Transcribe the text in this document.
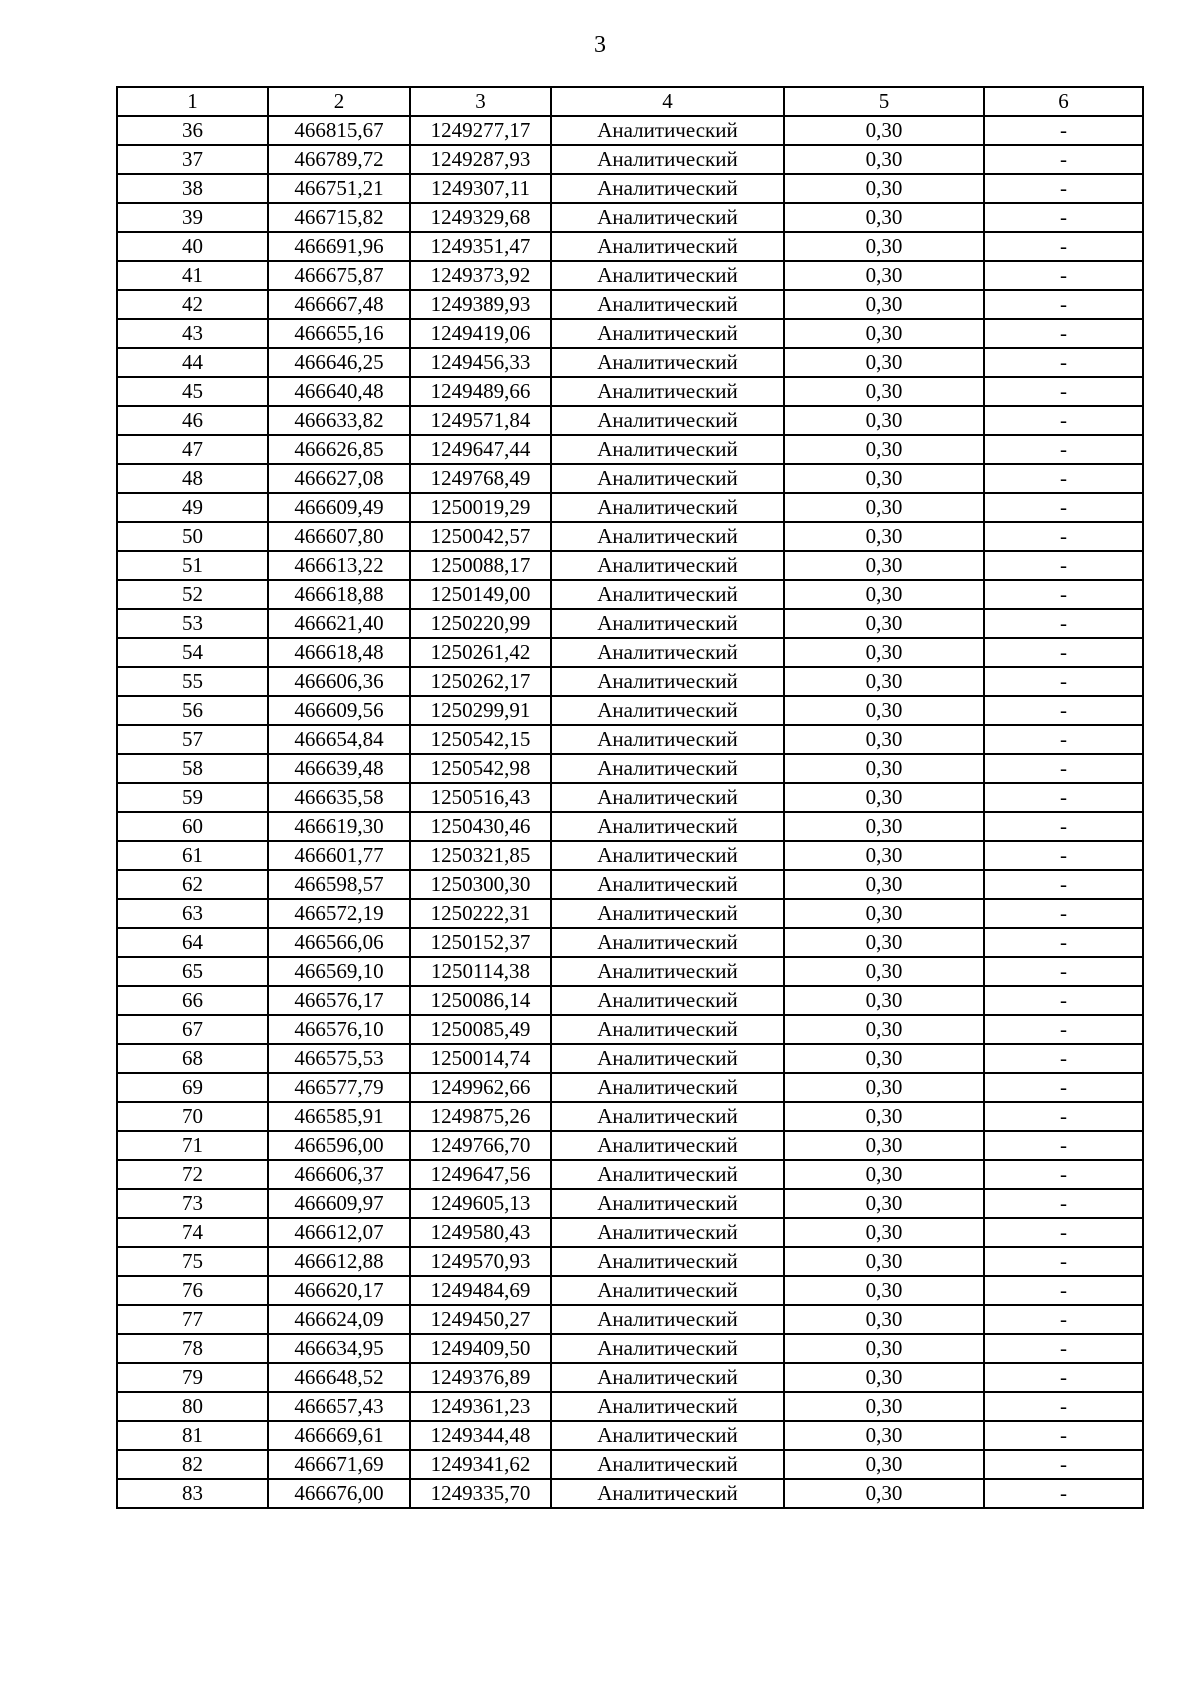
3
1	2	3	4	5	6
36	466815,67	1249277,17	Аналитический	0,30	-
37	466789,72	1249287,93	Аналитический	0,30	-
38	466751,21	1249307,11	Аналитический	0,30	-
39	466715,82	1249329,68	Аналитический	0,30	-
40	466691,96	1249351,47	Аналитический	0,30	-
41	466675,87	1249373,92	Аналитический	0,30	-
42	466667,48	1249389,93	Аналитический	0,30	-
43	466655,16	1249419,06	Аналитический	0,30	-
44	466646,25	1249456,33	Аналитический	0,30	-
45	466640,48	1249489,66	Аналитический	0,30	-
46	466633,82	1249571,84	Аналитический	0,30	-
47	466626,85	1249647,44	Аналитический	0,30	-
48	466627,08	1249768,49	Аналитический	0,30	-
49	466609,49	1250019,29	Аналитический	0,30	-
50	466607,80	1250042,57	Аналитический	0,30	-
51	466613,22	1250088,17	Аналитический	0,30	-
52	466618,88	1250149,00	Аналитический	0,30	-
53	466621,40	1250220,99	Аналитический	0,30	-
54	466618,48	1250261,42	Аналитический	0,30	-
55	466606,36	1250262,17	Аналитический	0,30	-
56	466609,56	1250299,91	Аналитический	0,30	-
57	466654,84	1250542,15	Аналитический	0,30	-
58	466639,48	1250542,98	Аналитический	0,30	-
59	466635,58	1250516,43	Аналитический	0,30	-
60	466619,30	1250430,46	Аналитический	0,30	-
61	466601,77	1250321,85	Аналитический	0,30	-
62	466598,57	1250300,30	Аналитический	0,30	-
63	466572,19	1250222,31	Аналитический	0,30	-
64	466566,06	1250152,37	Аналитический	0,30	-
65	466569,10	1250114,38	Аналитический	0,30	-
66	466576,17	1250086,14	Аналитический	0,30	-
67	466576,10	1250085,49	Аналитический	0,30	-
68	466575,53	1250014,74	Аналитический	0,30	-
69	466577,79	1249962,66	Аналитический	0,30	-
70	466585,91	1249875,26	Аналитический	0,30	-
71	466596,00	1249766,70	Аналитический	0,30	-
72	466606,37	1249647,56	Аналитический	0,30	-
73	466609,97	1249605,13	Аналитический	0,30	-
74	466612,07	1249580,43	Аналитический	0,30	-
75	466612,88	1249570,93	Аналитический	0,30	-
76	466620,17	1249484,69	Аналитический	0,30	-
77	466624,09	1249450,27	Аналитический	0,30	-
78	466634,95	1249409,50	Аналитический	0,30	-
79	466648,52	1249376,89	Аналитический	0,30	-
80	466657,43	1249361,23	Аналитический	0,30	-
81	466669,61	1249344,48	Аналитический	0,30	-
82	466671,69	1249341,62	Аналитический	0,30	-
83	466676,00	1249335,70	Аналитический	0,30	-
